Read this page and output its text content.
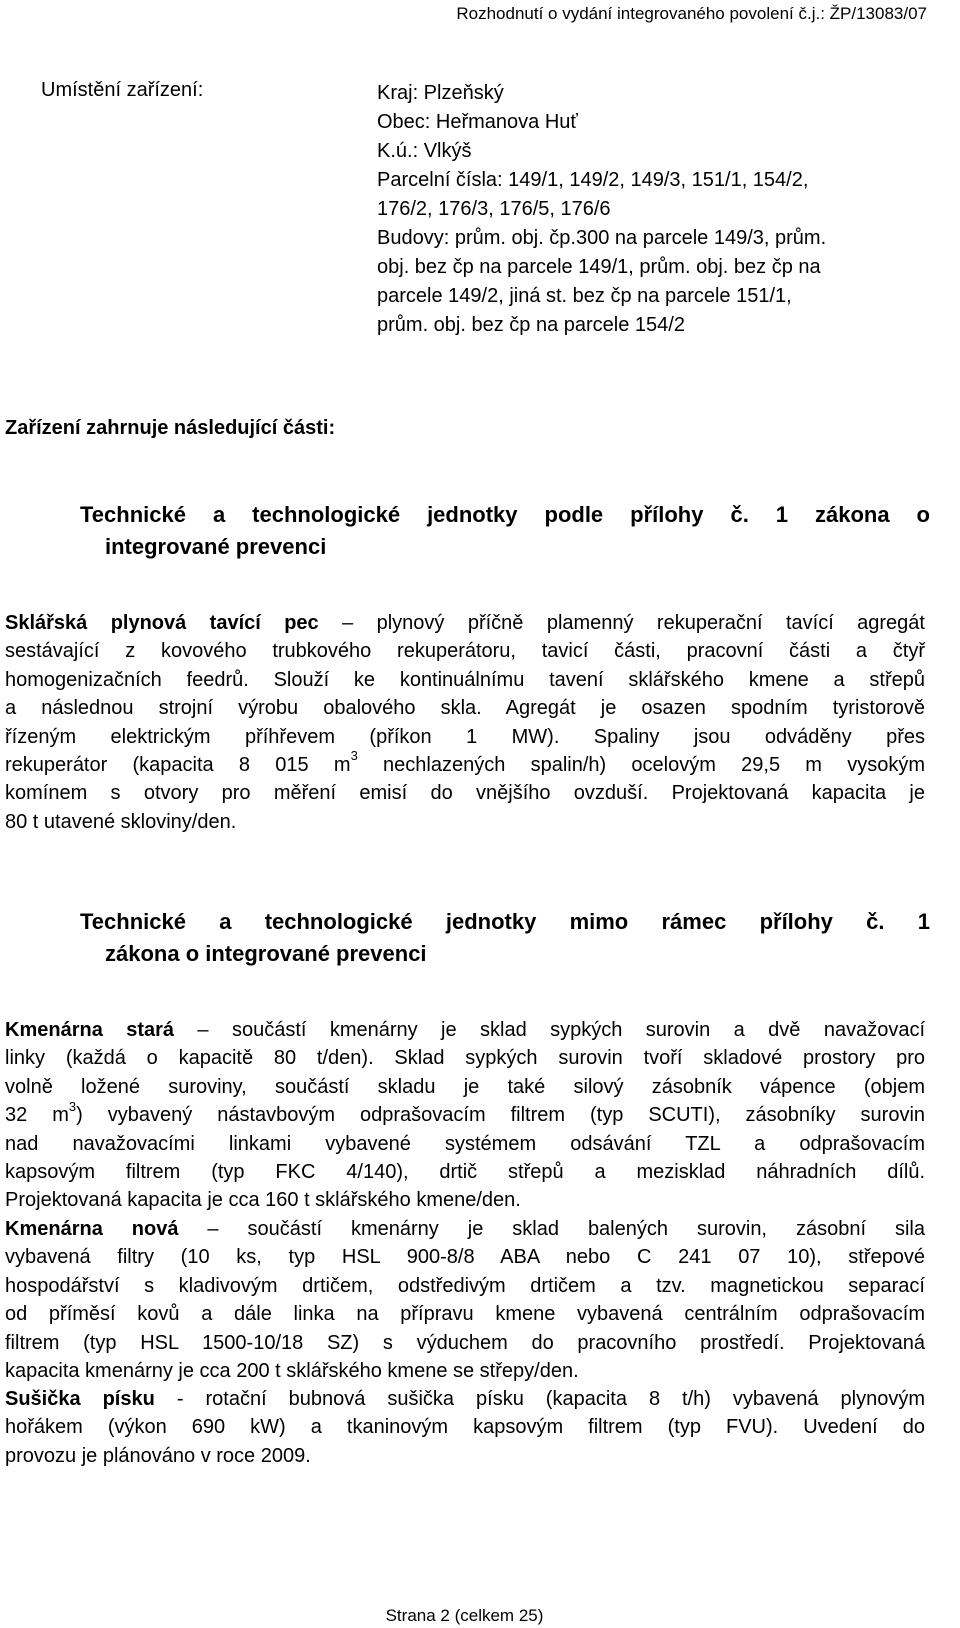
Rozhodnutí o vydání integrovaného povolení č.j.: ŽP/13083/07
Umístění zařízení:	Kraj: Plzeňský
Obec: Heřmanova Huť
K.ú.: Vlkýš
Parcelní čísla: 149/1, 149/2, 149/3, 151/1, 154/2,
176/2, 176/3, 176/5, 176/6
Budovy: prům. obj. čp.300 na parcele 149/3, prům.
obj. bez čp na parcele 149/1, prům. obj. bez čp na
parcele 149/2, jiná st. bez čp na parcele 151/1,
prům. obj. bez čp na parcele 154/2
Zařízení zahrnuje následující části:
Technické a technologické jednotky podle přílohy č. 1 zákona o
integrované prevenci
Sklářská plynová tavící pec – plynový příčně plamenný rekuperační tavící agregát
sestávající z kovového trubkového rekuperátoru, tavicí části, pracovní části a čtyř
homogenizačních feedrů. Slouží ke kontinuálnímu tavení sklářského kmene a střepů
a následnou strojní výrobu obalového skla. Agregát je osazen spodním tyristorově
řízeným elektrickým příhřevem (příkon 1 MW). Spaliny jsou odváděny přes
rekuperátor (kapacita 8 015 $m^3$ nechlazených spalin/h) ocelovým 29,5 m vysokým
komínem s otvory pro měření emisí do vnějšího ovzduší. Projektovaná kapacita je
80 t utavené skloviny/den.
Technické a technologické jednotky mimo rámec přílohy č. 1
zákona o integrované prevenci
Kmenárna stará – součástí kmenárny je sklad sypkých surovin a dvě navažovací
linky (každá o kapacitě 80 t/den). Sklad sypkých surovin tvoří skladové prostory pro
volně ložené suroviny, součástí skladu je také silový zásobník vápence (objem
32 $m^3$) vybavený nástavbovým odprašovacím filtrem (typ SCUTI), zásobníky surovin
nad navažovacími linkami vybavené systémem odsávání TZL a odprašovacím
kapsovým filtrem (typ FKC 4/140), drtič střepů a mezisklad náhradních dílů.
Projektovaná kapacita je cca 160 t sklářského kmene/den.
Kmenárna nová – součástí kmenárny je sklad balených surovin, zásobní sila
vybavená filtry (10 ks, typ HSL 900-8/8 ABA nebo C 241 07 10), střepové
hospodářství s kladivovým drtičem, odstředivým drtičem a tzv. magnetickou separací
od příměsí kovů a dále linka na přípravu kmene vybavená centrálním odprašovacím
filtrem (typ HSL 1500-10/18 SZ) s výduchem do pracovního prostředí. Projektovaná
kapacita kmenárny je cca 200 t sklářského kmene se střepy/den.
Sušička písku - rotační bubnová sušička písku (kapacita 8 t/h) vybavená plynovým
hořákem (výkon 690 kW) a tkaninovým kapsovým filtrem (typ FVU). Uvedení do
provozu je plánováno v roce 2009.
Strana 2 (celkem 25)
